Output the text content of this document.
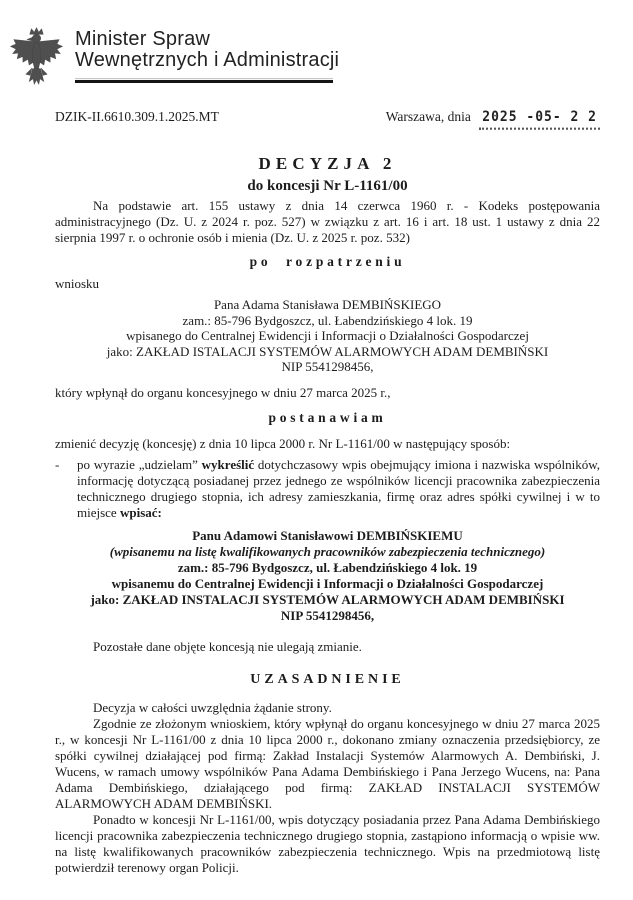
Minister Spraw
Wewnętrznych i Administracji
DZIK-II.6610.309.1.2025.MT	Warszawa, dnia 2025 -05- 2 2
DECYZJA 2
do koncesji Nr L-1161/00

Na podstawie art. 155 ustawy z dnia 14 czerwca 1960 r. - Kodeks postępowania administracyjnego (Dz. U. z 2024 r. poz. 527) w związku z art. 16 i art. 18 ust. 1 ustawy z dnia 22 sierpnia 1997 r. o ochronie osób i mienia (Dz. U. z 2025 r. poz. 532)

po rozpatrzeniu

wniosku

Pana Adama Stanisława DEMBIŃSKIEGO

zam.: 85-796 Bydgoszcz, ul. Łabendzińskiego 4 lok. 19

wpisanego do Centralnej Ewidencji i Informacji o Działalności Gospodarczej

jako: ZAKŁAD ISTALACJI SYSTEMÓW ALARMOWYCH ADAM DEMBIŃSKI

NIP 5541298456,

który wpłynął do organu koncesyjnego w dniu 27 marca 2025 r.,

postanawiam

zmienić decyzję (koncesję) z dnia 10 lipca 2000 r. Nr L-1161/00 w następujący sposób:

-	po wyrazie „udzielam” wykreślić dotychczasowy wpis obejmujący imiona i nazwiska wspólników, informację dotyczącą posiadanej przez jednego ze wspólników licencji pracownika zabezpieczenia technicznego drugiego stopnia, ich adresy zamieszkania, firmę oraz adres spółki cywilnej i w to miejsce wpisać:

Panu Adamowi Stanisławowi DEMBIŃSKIEMU

(wpisanemu na listę kwalifikowanych pracowników zabezpieczenia technicznego)

zam.: 85-796 Bydgoszcz, ul. Łabendzińskiego 4 lok. 19

wpisanemu do Centralnej Ewidencji i Informacji o Działalności Gospodarczej

jako: ZAKŁAD INSTALACJI SYSTEMÓW ALARMOWYCH ADAM DEMBIŃSKI

NIP 5541298456,

Pozostałe dane objęte koncesją nie ulegają zmianie.

UZASADNIENIE

Decyzja w całości uwzględnia żądanie strony.

Zgodnie ze złożonym wnioskiem, który wpłynął do organu koncesyjnego w dniu 27 marca 2025 r., w koncesji Nr L-1161/00 z dnia 10 lipca 2000 r., dokonano zmiany oznaczenia przedsiębiorcy, ze spółki cywilnej działającej pod firmą: Zakład Instalacji Systemów Alarmowych A. Dembiński, J. Wucens, w ramach umowy wspólników Pana Adama Dembińskiego i Pana Jerzego Wucens, na: Pana Adama Dembińskiego, działającego pod firmą: ZAKŁAD INSTALACJI SYSTEMÓW ALARMOWYCH ADAM DEMBIŃSKI.

Ponadto w koncesji Nr L-1161/00, wpis dotyczący posiadania przez Pana Adama Dembińskiego licencji pracownika zabezpieczenia technicznego drugiego stopnia, zastąpiono informacją o wpisie ww. na listę kwalifikowanych pracowników zabezpieczenia technicznego. Wpis na przedmiotową listę potwierdził terenowy organ Policji.
